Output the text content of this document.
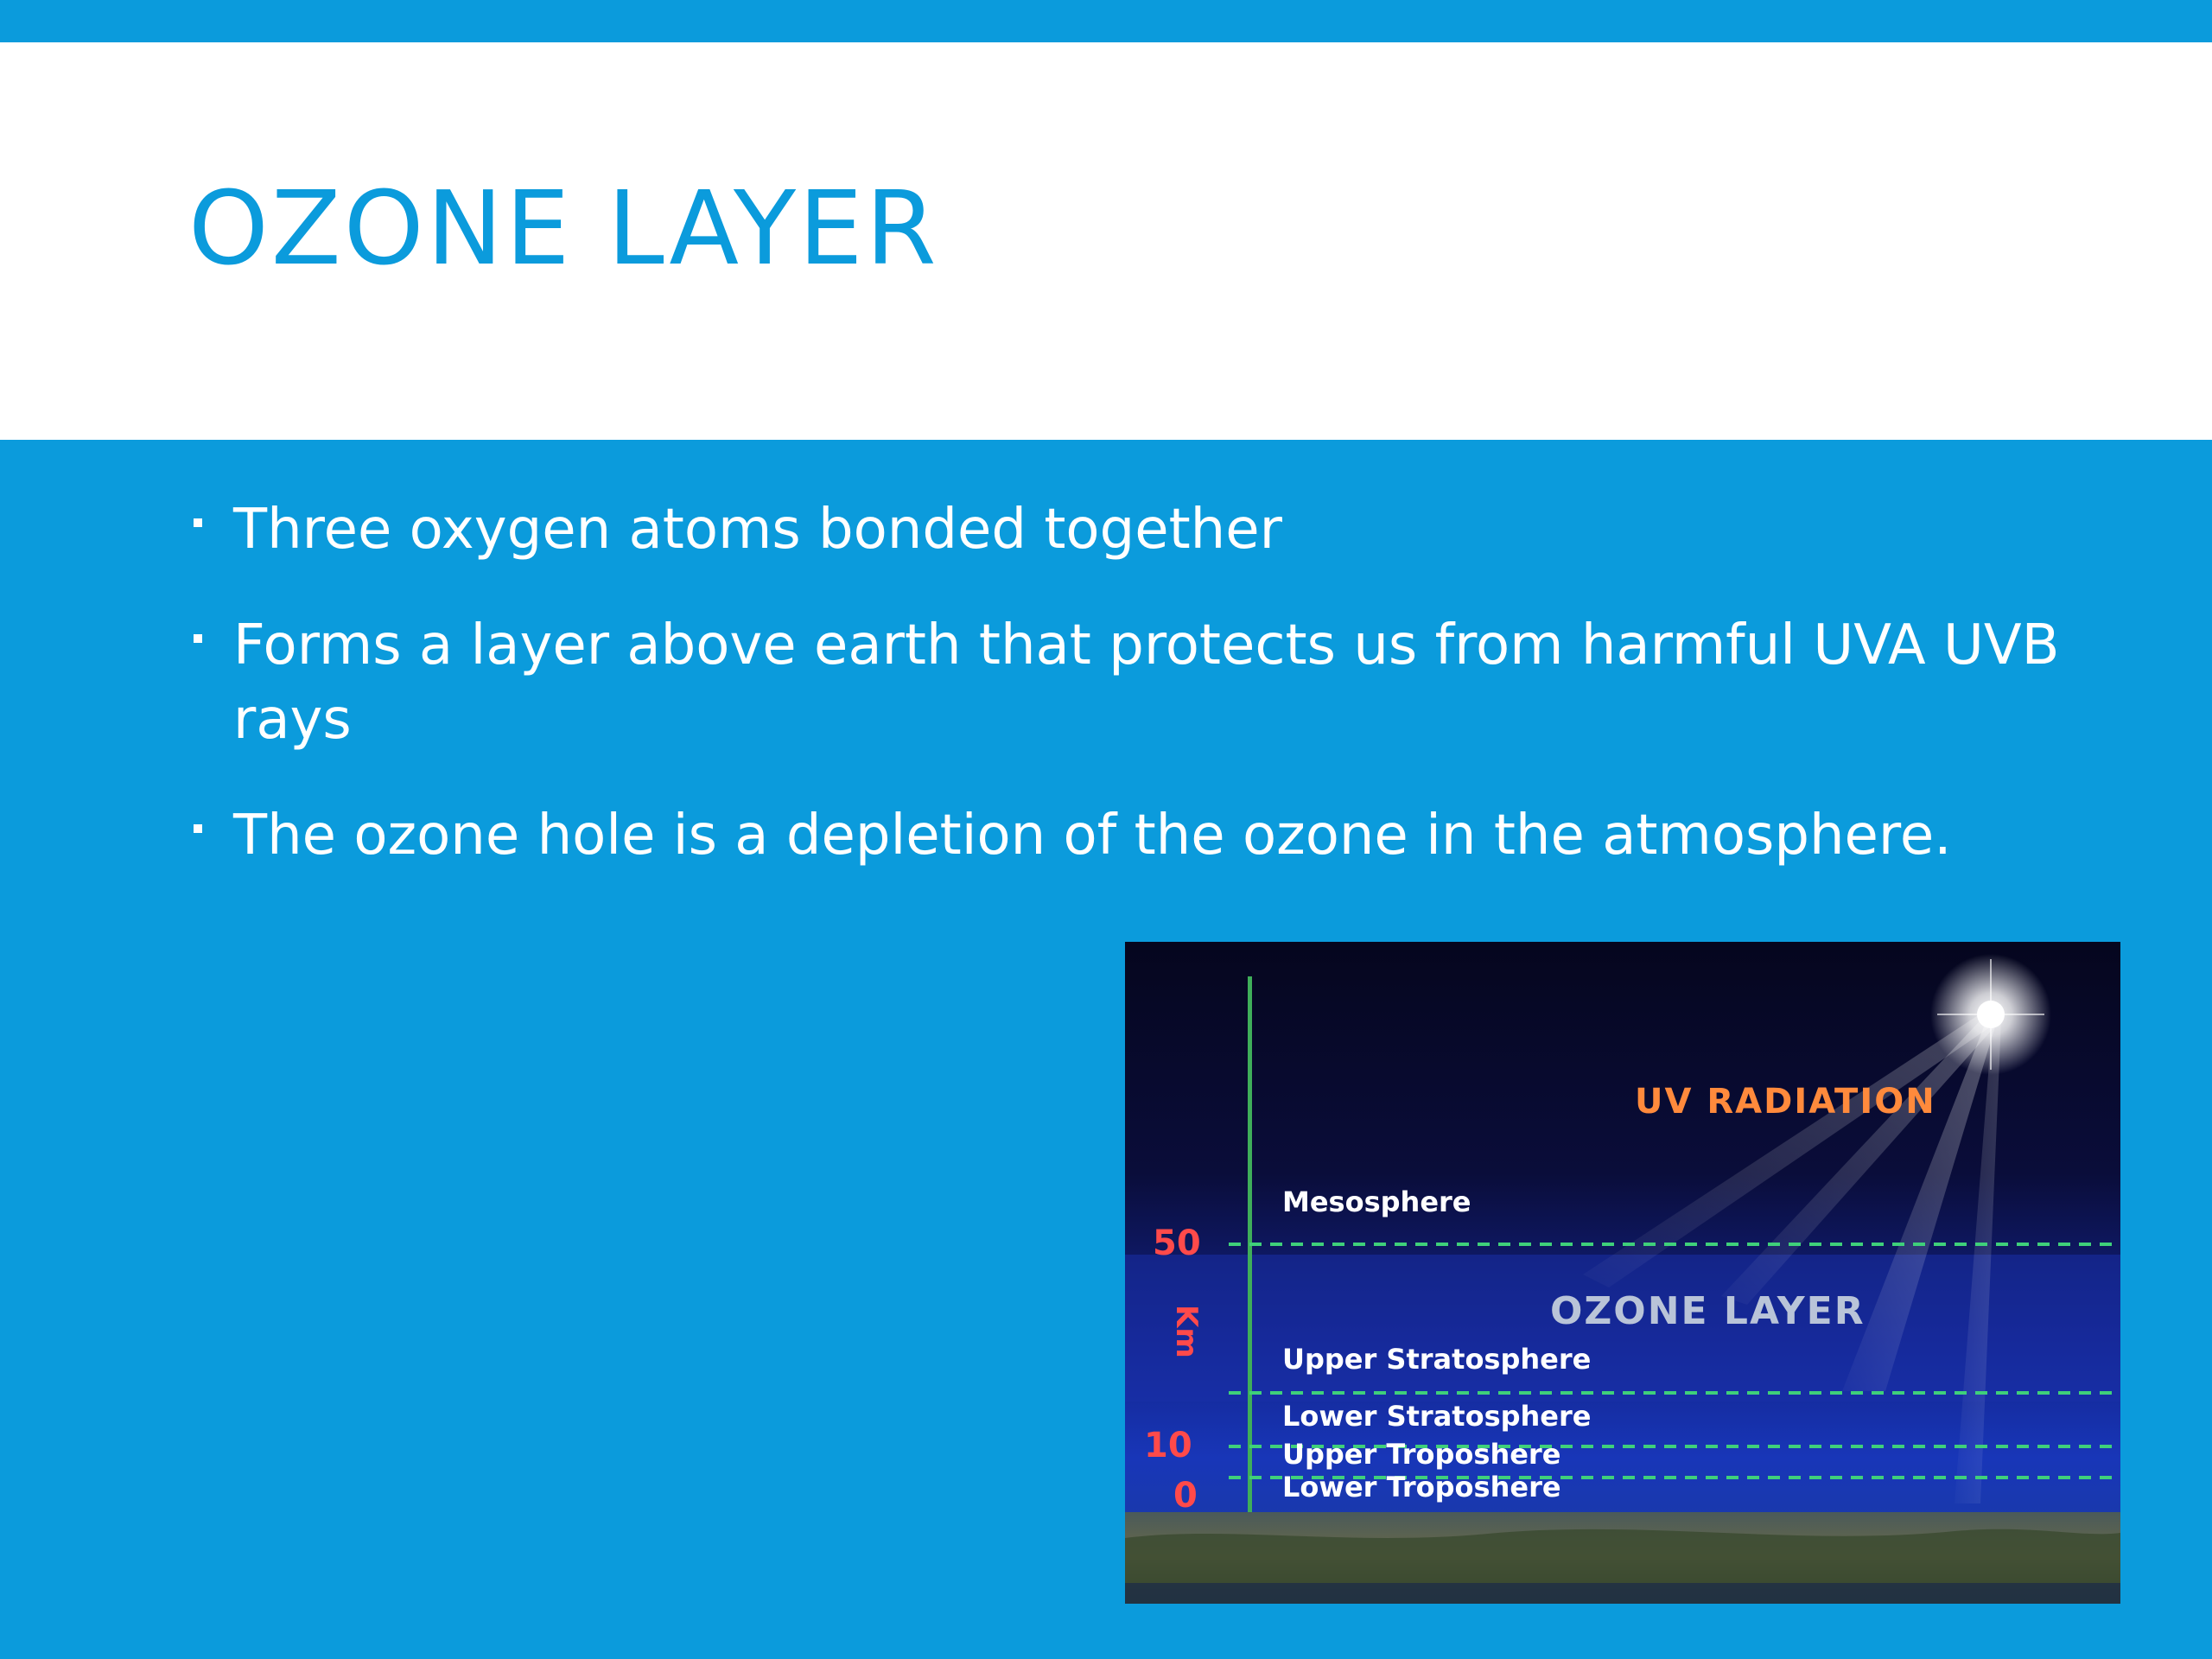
OZONE LAYER
Three oxygen atoms bonded together
Forms a layer above earth that protects us from harmful UVA UVB rays
The ozone hole is a depletion of the ozone in the atmosphere.
UV RADIATION
OZONE LAYER
Mesosphere
Upper Stratosphere
Lower Stratosphere
Upper Troposhere
Lower Troposhere
50
10
0
Km
